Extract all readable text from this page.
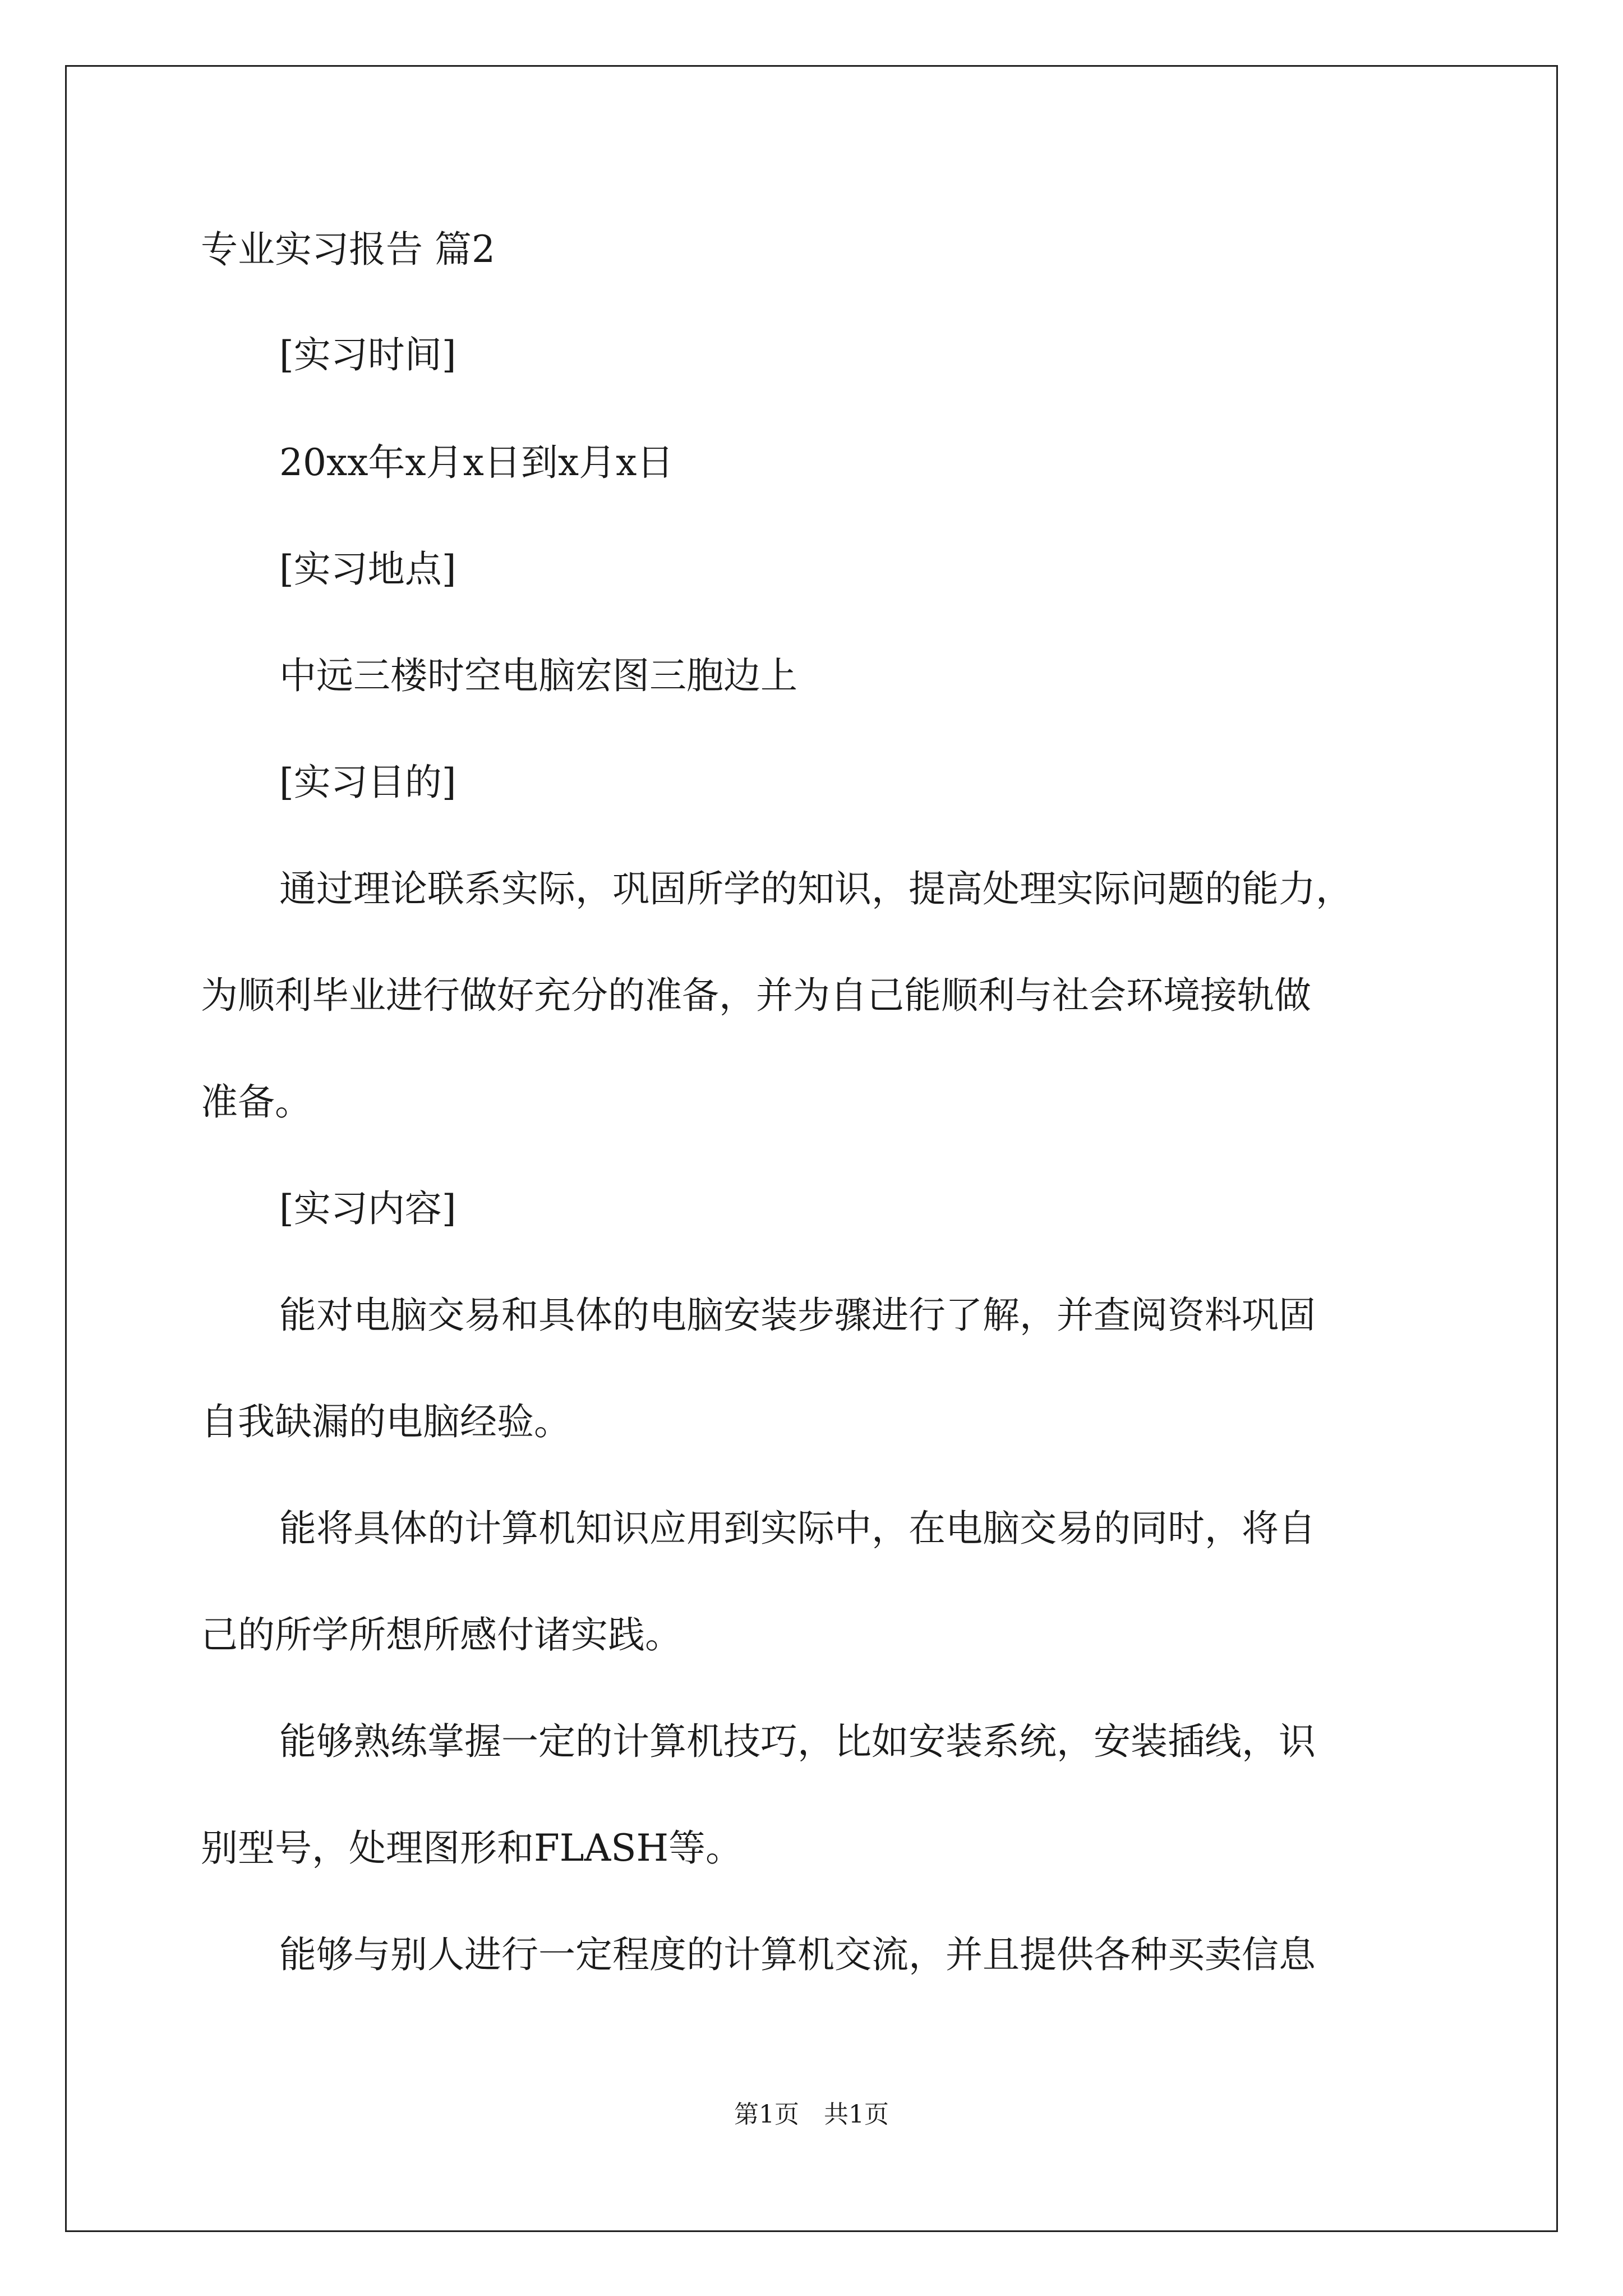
专业实习报告 篇2
[实习时间]
20xx年x月x日到x月x日
[实习地点]
中远三楼时空电脑宏图三胞边上
[实习目的]
通过理论联系实际，巩固所学的知识，提高处理实际问题的能力，
为顺利毕业进行做好充分的准备，并为自己能顺利与社会环境接轨做
准备。
[实习内容]
能对电脑交易和具体的电脑安装步骤进行了解，并查阅资料巩固
自我缺漏的电脑经验。
能将具体的计算机知识应用到实际中，在电脑交易的同时，将自
己的所学所想所感付诸实践。
能够熟练掌握一定的计算机技巧，比如安装系统，安装插线，识
别型号，处理图形和FLASH等。
能够与别人进行一定程度的计算机交流，并且提供各种买卖信息
第1页　共1页
